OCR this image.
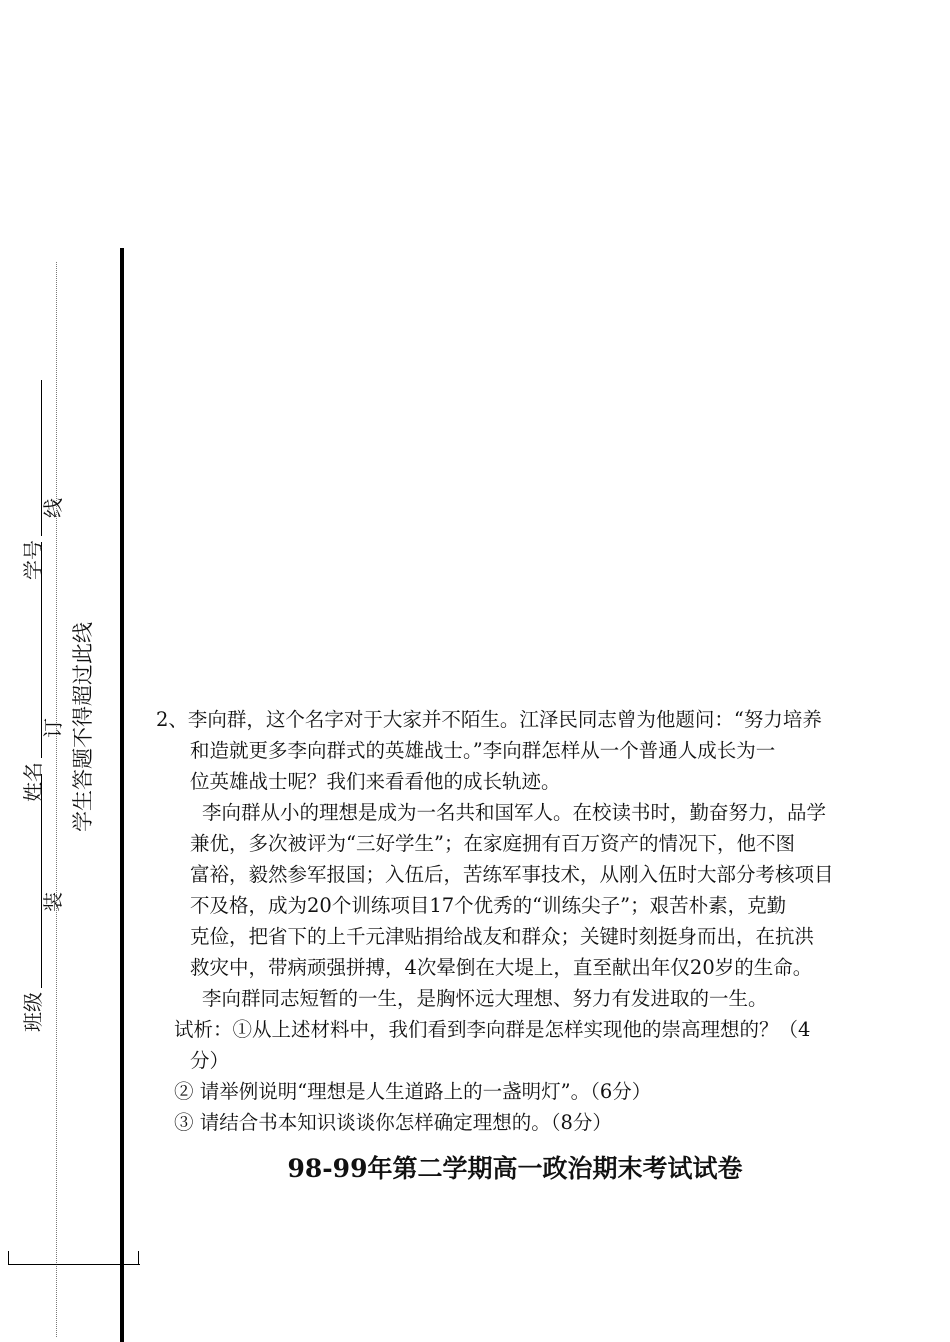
班级
姓名
学号
装
订
线
学生答题不得超过此线	2、李向群，这个名字对于大家并不陌生。江泽民同志曾为他题问：“努力培养
和造就更多李向群式的英雄战士。”李向群怎样从一个普通人成长为一
位英雄战士呢？我们来看看他的成长轨迹。
李向群从小的理想是成为一名共和国军人。在校读书时，勤奋努力，品学
兼优，多次被评为“三好学生”；在家庭拥有百万资产的情况下，他不图
富裕，毅然参军报国；入伍后，苦练军事技术，从刚入伍时大部分考核项目
不及格，成为20个训练项目17个优秀的“训练尖子”；艰苦朴素，克勤
克俭，把省下的上千元津贴捐给战友和群众；关键时刻挺身而出，在抗洪
救灾中，带病顽强拼搏，4次晕倒在大堤上，直至献出年仅20岁的生命。
李向群同志短暂的一生，是胸怀远大理想、努力有发进取的一生。
试析：①从上述材料中，我们看到李向群是怎样实现他的崇高理想的？（4
分）
② 请举例说明“理想是人生道路上的一盏明灯”。（6分）
③ 请结合书本知识谈谈你怎样确定理想的。（8分）
98-99年第二学期高一政治期末考试试卷
